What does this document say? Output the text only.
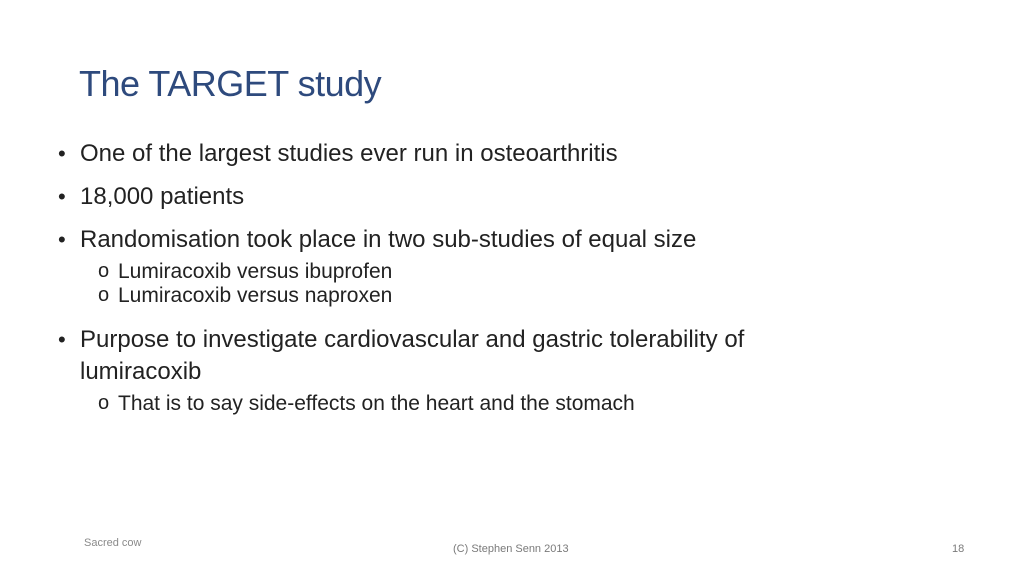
The TARGET study
• One of the largest studies ever run in osteoarthritis
• 18,000 patients
• Randomisation took place in two sub-studies of equal size
o Lumiracoxib versus ibuprofen
o Lumiracoxib versus naproxen
• Purpose to investigate cardiovascular and gastric tolerability of lumiracoxib
o That is to say side-effects on the heart and the stomach
Sacred cow	(C) Stephen Senn 2013	18
